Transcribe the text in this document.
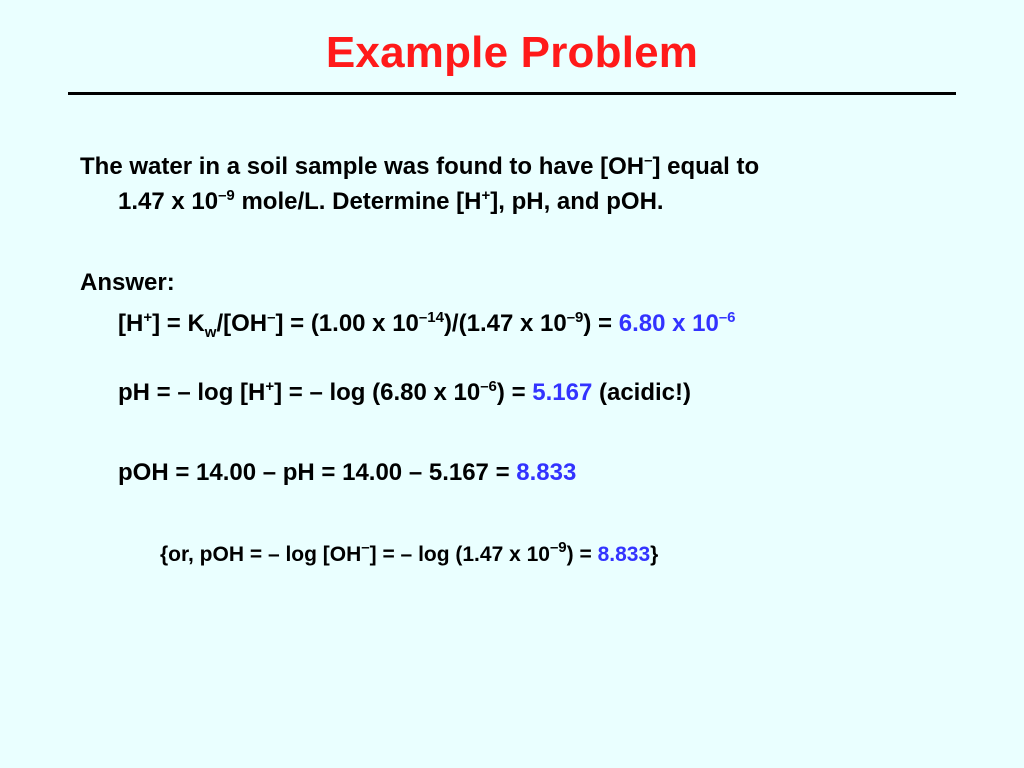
Example Problem
The water in a soil sample was found to have [OH–] equal to
1.47 x $10^{-9}$ mole/L. Determine [H+], pH, and pOH.
Answer:
$[H^+] = K_w/[OH^-] = (1.00$ x $10^{-14})/(1.47$ x $10^{-9}) = 6.80$ x $10^{-6}$
pH = – log [H+] = – log (6.80 x $10^{-6}) = 5.167$ (acidic!)
pOH = 14.00 – pH = 14.00 – 5.167 = 8.833
{or, pOH = – log [OH–] = – log (1.47 x $10^{-9}) = 8.833$}
